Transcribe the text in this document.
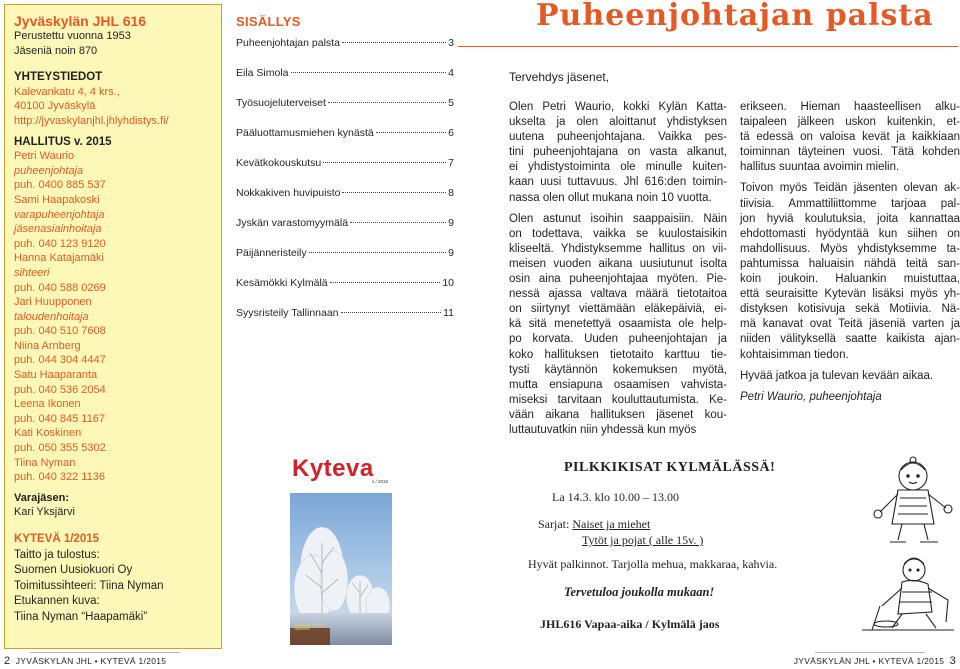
Jyväskylän JHL 616
Perustettu vuonna 1953
Jäseniä noin 870
YHTEYSTIEDOT
Kalevankatu 4, 4 krs.,
40100 Jyväskylä
http://jyvaskylanjhl.jhlyhdistys.fi/
HALLITUS v. 2015
Petri Waurio
puheenjohtaja
puh. 0400 885 537
Sami Haapakoski
varapuheenjohtaja
jäsenasiainhoitaja
puh. 040 123 9120
Hanna Katajamäki
sihteeri
puh. 040 588 0269
Jari Huupponen
taloudenhoitaja
puh. 040 510 7608
Niina Arnberg
puh. 044 304 4447
Satu Haaparanta
puh. 040 536 2054
Leena Ikonen
puh. 040 845 1167
Kati Koskinen
puh. 050 355 5302
Tiina Nyman
puh. 040 322 1136
Varajäsen:
Kari Yksjärvi
KYTEVÄ 1/2015
Taitto ja tulostus:
Suomen Uusiokuori Oy
Toimitussihteeri: Tiina Nyman
Etukannen kuva:
Tiina Nyman “Haapamäki”
SISÄLLYS
Puheenjohtajan palsta	3
Eila Simola	4
Työsuojeluterveiset	5
Pääluottamusmiehen kynästä	6
Kevätkokouskutsu	7
Nokkakiven huvipuisto	8
Jyskän varastomyymälä	9
Päijänneristeily	9
Kesämökki Kylmälä	10
Syysristeily Tallinnaan	11
Kyteva
1 / 2015
Jyväskylän JHL 616 · Jäsenlehti
Puheenjohtajan palsta
Tervehdys jäsenet,

Olen Petri Waurio, kokki Kylän Katta-
ukselta ja olen aloittanut yhdistyksen
uutena puheenjohtajana. Vaikka pes-
tini puheenjohtajana on vasta alkanut,
ei yhdistystoiminta ole minulle kuiten-
kaan uusi tuttavuus. Jhl 616:den toimin-
nassa olen ollut mukana noin 10 vuotta.

Olen astunut isoihin saappaisiin. Näin
on todettava, vaikka se kuulostaisikin
kliseeltä. Yhdistyksemme hallitus on vii-
meisen vuoden aikana uusiutunut isolta
osin aina puheenjohtajaa myöten. Pie-
nessä ajassa valtava määrä tietotaitoa
on siirtynyt viettämään eläkepäiviä, ei-
kä sitä menetettyä osaamista ole help-
po korvata. Uuden puheenjohtajan ja
koko hallituksen tietotaito karttuu tie-
tysti käytännön kokemuksen myötä,
mutta ensiapuna osaamisen vahvista-
miseksi tarvitaan kouluttautumista. Ke-
vään aikana hallituksen jäsenet kou-
luttautuvatkin niin yhdessä kun myös

erikseen. Hieman haasteellisen alku-
taipaleen jälkeen uskon kuitenkin, et-
tä edessä on valoisa kevät ja kaikkiaan
toiminnan täyteinen vuosi. Tätä kohden
hallitus suuntaa avoimin mielin.

Toivon myös Teidän jäsenten olevan ak-
tiivisia. Ammattiliittomme tarjoaa pal-
jon hyviä koulutuksia, joita kannattaa
ehdottomasti hyödyntää kun siihen on
mahdollisuus. Myös yhdistyksemme ta-
pahtumissa haluaisin nähdä teitä san-
koin joukoin. Haluankin muistuttaa,
että seuraisitte Kytevän lisäksi myös yh-
distyksen kotisivuja sekä Motiivia. Nä-
mä kanavat ovat Teitä jäseniä varten ja
niiden välityksellä saatte kaikista ajan-
kohtaisimman tiedon.

Hyvää jatkoa ja tulevan kevään aikaa.

Petri Waurio, puheenjohtaja

PILKKIKISAT KYLMÄLÄSSÄ!
La 14.3. klo 10.00 – 13.00
Sarjat: Naiset ja miehet
Tytöt ja pojat ( alle 15v. )
Hyvät palkinnot. Tarjolla mehua, makkaraa, kahvia.
Tervetuloa joukolla mukaan!
JHL616 Vapaa-aika / Kylmälä jaos
2 JYVÄSKYLÄN JHL • KYTEVÄ 1/2015	JYVÄSKYLÄN JHL • KYTEVÄ 1/2015 3
